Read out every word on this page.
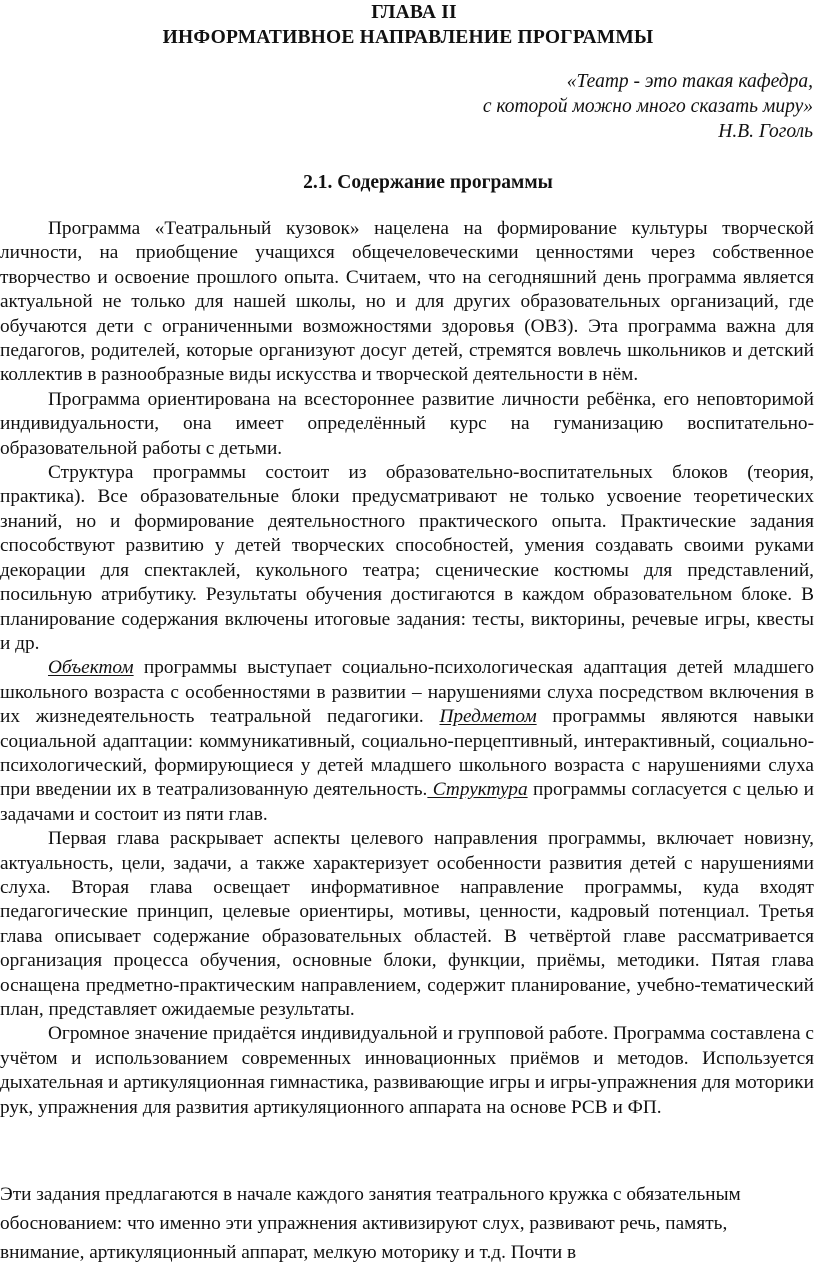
ГЛАВА II
ИНФОРМАТИВНОЕ НАПРАВЛЕНИЕ ПРОГРАММЫ
«Театр - это такая кафедра,
с которой можно много сказать миру»
Н.В. Гоголь
2.1. Содержание программы

Программа «Театральный кузовок» нацелена на формирование культуры творческой личности, на приобщение учащихся общечеловеческими ценностями через собственное творчество и освоение прошлого опыта. Считаем, что на сегодняшний день программа является актуальной не только для нашей школы, но и для других образовательных организаций, где обучаются дети с ограниченными возможностями здоровья (ОВЗ). Эта программа важна для педагогов, родителей, которые организуют досуг детей, стремятся вовлечь школьников и детский коллектив в разнообразные виды искусства и творческой деятельности в нём.

Программа ориентирована на всестороннее развитие личности ребёнка, его неповторимой индивидуальности, она имеет определённый курс на гуманизацию воспитательно-образовательной работы с детьми.

Структура программы состоит из образовательно-воспитательных блоков (теория, практика). Все образовательные блоки предусматривают не только усвоение теоретических знаний, но и формирование деятельностного практического опыта. Практические задания способствуют развитию у детей творческих способностей, умения создавать своими руками декорации для спектаклей, кукольного театра; сценические костюмы для представлений, посильную атрибутику. Результаты обучения достигаются в каждом образовательном блоке. В планирование содержания включены итоговые задания: тесты, викторины, речевые игры, квесты и др.

Объектом программы выступает социально-психологическая адаптация детей младшего школьного возраста с особенностями в развитии – нарушениями слуха посредством включения в их жизнедеятельность театральной педагогики. Предметом программы являются навыки социальной адаптации: коммуникативный, социально-перцептивный, интерактивный, социально-психологический, формирующиеся у детей младшего школьного возраста с нарушениями слуха при введении их в театрализованную деятельность. Структура программы согласуется с целью и задачами и состоит из пяти глав.

Первая глава раскрывает аспекты целевого направления программы, включает новизну, актуальность, цели, задачи, а также характеризует особенности развития детей с нарушениями слуха. Вторая глава освещает информативное направление программы, куда входят педагогические принцип, целевые ориентиры, мотивы, ценности, кадровый потенциал. Третья глава описывает содержание образовательных областей. В четвёртой главе рассматривается организация процесса обучения, основные блоки, функции, приёмы, методики. Пятая глава оснащена предметно-практическим направлением, содержит планирование, учебно-тематический план, представляет ожидаемые результаты.

Огромное значение придаётся индивидуальной и групповой работе. Программа составлена с учётом и использованием современных инновационных приёмов и методов. Используется дыхательная и артикуляционная гимнастика, развивающие игры и игры-упражнения для моторики рук, упражнения для развития артикуляционного аппарата на основе РСВ и ФП.

Эти задания предлагаются в начале каждого занятия театрального кружка с обязательным

обоснованием: что именно эти упражнения активизируют слух, развивают речь, память,

внимание, артикуляционный аппарат, мелкую моторику и т.д. Почти в
